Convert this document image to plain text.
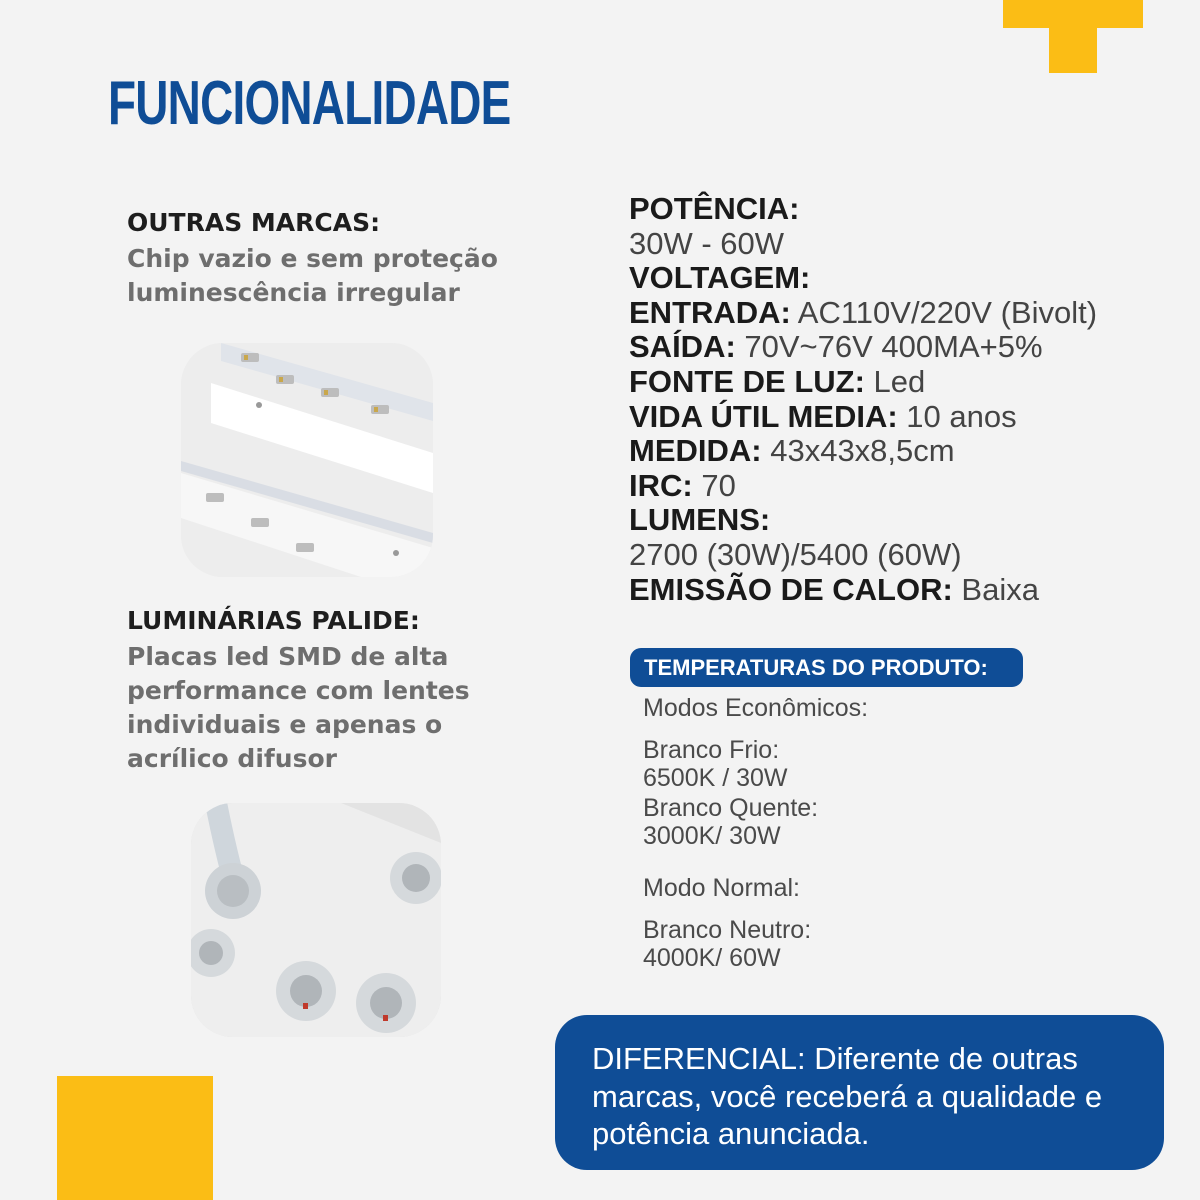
FUNCIONALIDADE
OUTRAS MARCAS:
Chip vazio e sem proteção
luminescência irregular
LUMINÁRIAS PALIDE:
Placas led SMD de alta
performance com lentes
individuais e apenas o
acrílico difusor
POTÊNCIA:
30W - 60W
VOLTAGEM:
ENTRADA: AC110V/220V (Bivolt)
SAÍDA: 70V~76V 400MA+5%
FONTE DE LUZ: Led
VIDA ÚTIL MEDIA: 10 anos
MEDIDA: 43x43x8,5cm
IRC: 70
LUMENS:
2700 (30W)/5400 (60W)
EMISSÃO DE CALOR: Baixa
TEMPERATURAS DO PRODUTO:
Modos Econômicos:
Branco Frio:
6500K / 30W
Branco Quente:
3000K/ 30W
Modo Normal:
Branco Neutro:
4000K/ 60W

DIFERENCIAL: Diferente de outras marcas, você receberá a qualidade e potência anunciada.
